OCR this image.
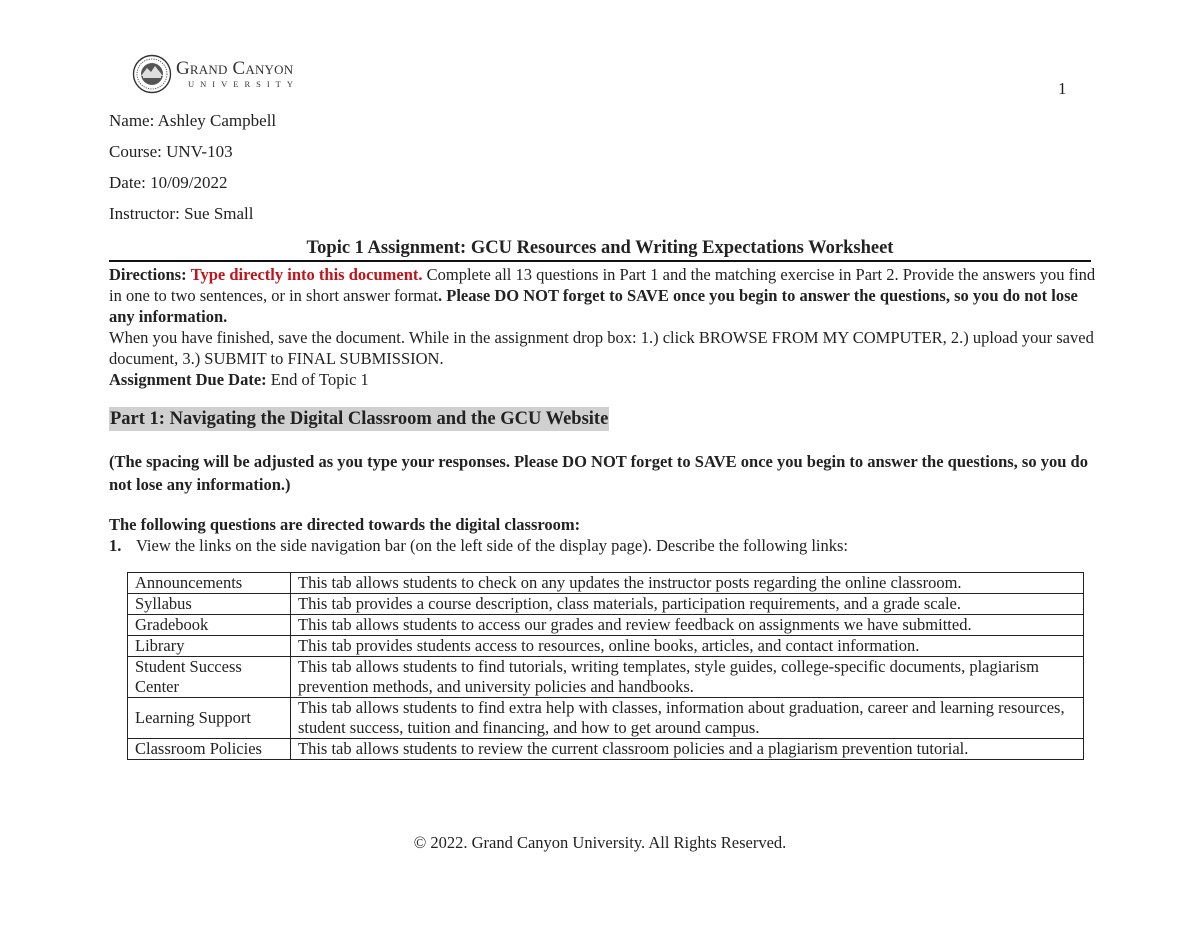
Grand Canyon
UNIVERSITY	1
Name: Ashley Campbell
Course: UNV-103
Date: 10/09/2022
Instructor: Sue Small
Topic 1 Assignment: GCU Resources and Writing Expectations Worksheet
Directions: Type directly into this document. Complete all 13 questions in Part 1 and the matching exercise in Part 2. Provide the answers you find in one to two sentences, or in short answer format. Please DO NOT forget to SAVE once you begin to answer the questions, so you do not lose any information.
When you have finished, save the document. While in the assignment drop box: 1.) click BROWSE FROM MY COMPUTER, 2.) upload your saved document, 3.) SUBMIT to FINAL SUBMISSION.
Assignment Due Date: End of Topic 1
Part 1: Navigating the Digital Classroom and the GCU Website
(The spacing will be adjusted as you type your responses. Please DO NOT forget to SAVE once you begin to answer the questions, so you do not lose any information.)
The following questions are directed towards the digital classroom:
1. View the links on the side navigation bar (on the left side of the display page). Describe the following links:
Announcements	This tab allows students to check on any updates the instructor posts regarding the online classroom.
Syllabus	This tab provides a course description, class materials, participation requirements, and a grade scale.
Gradebook	This tab allows students to access our grades and review feedback on assignments we have submitted.
Library	This tab provides students access to resources, online books, articles, and contact information.
Student Success Center	This tab allows students to find tutorials, writing templates, style guides, college-specific documents, plagiarism prevention methods, and university policies and handbooks.
Learning Support	This tab allows students to find extra help with classes, information about graduation, career and learning resources, student success, tuition and financing, and how to get around campus.
Classroom Policies	This tab allows students to review the current classroom policies and a plagiarism prevention tutorial.
© 2022. Grand Canyon University. All Rights Reserved.
